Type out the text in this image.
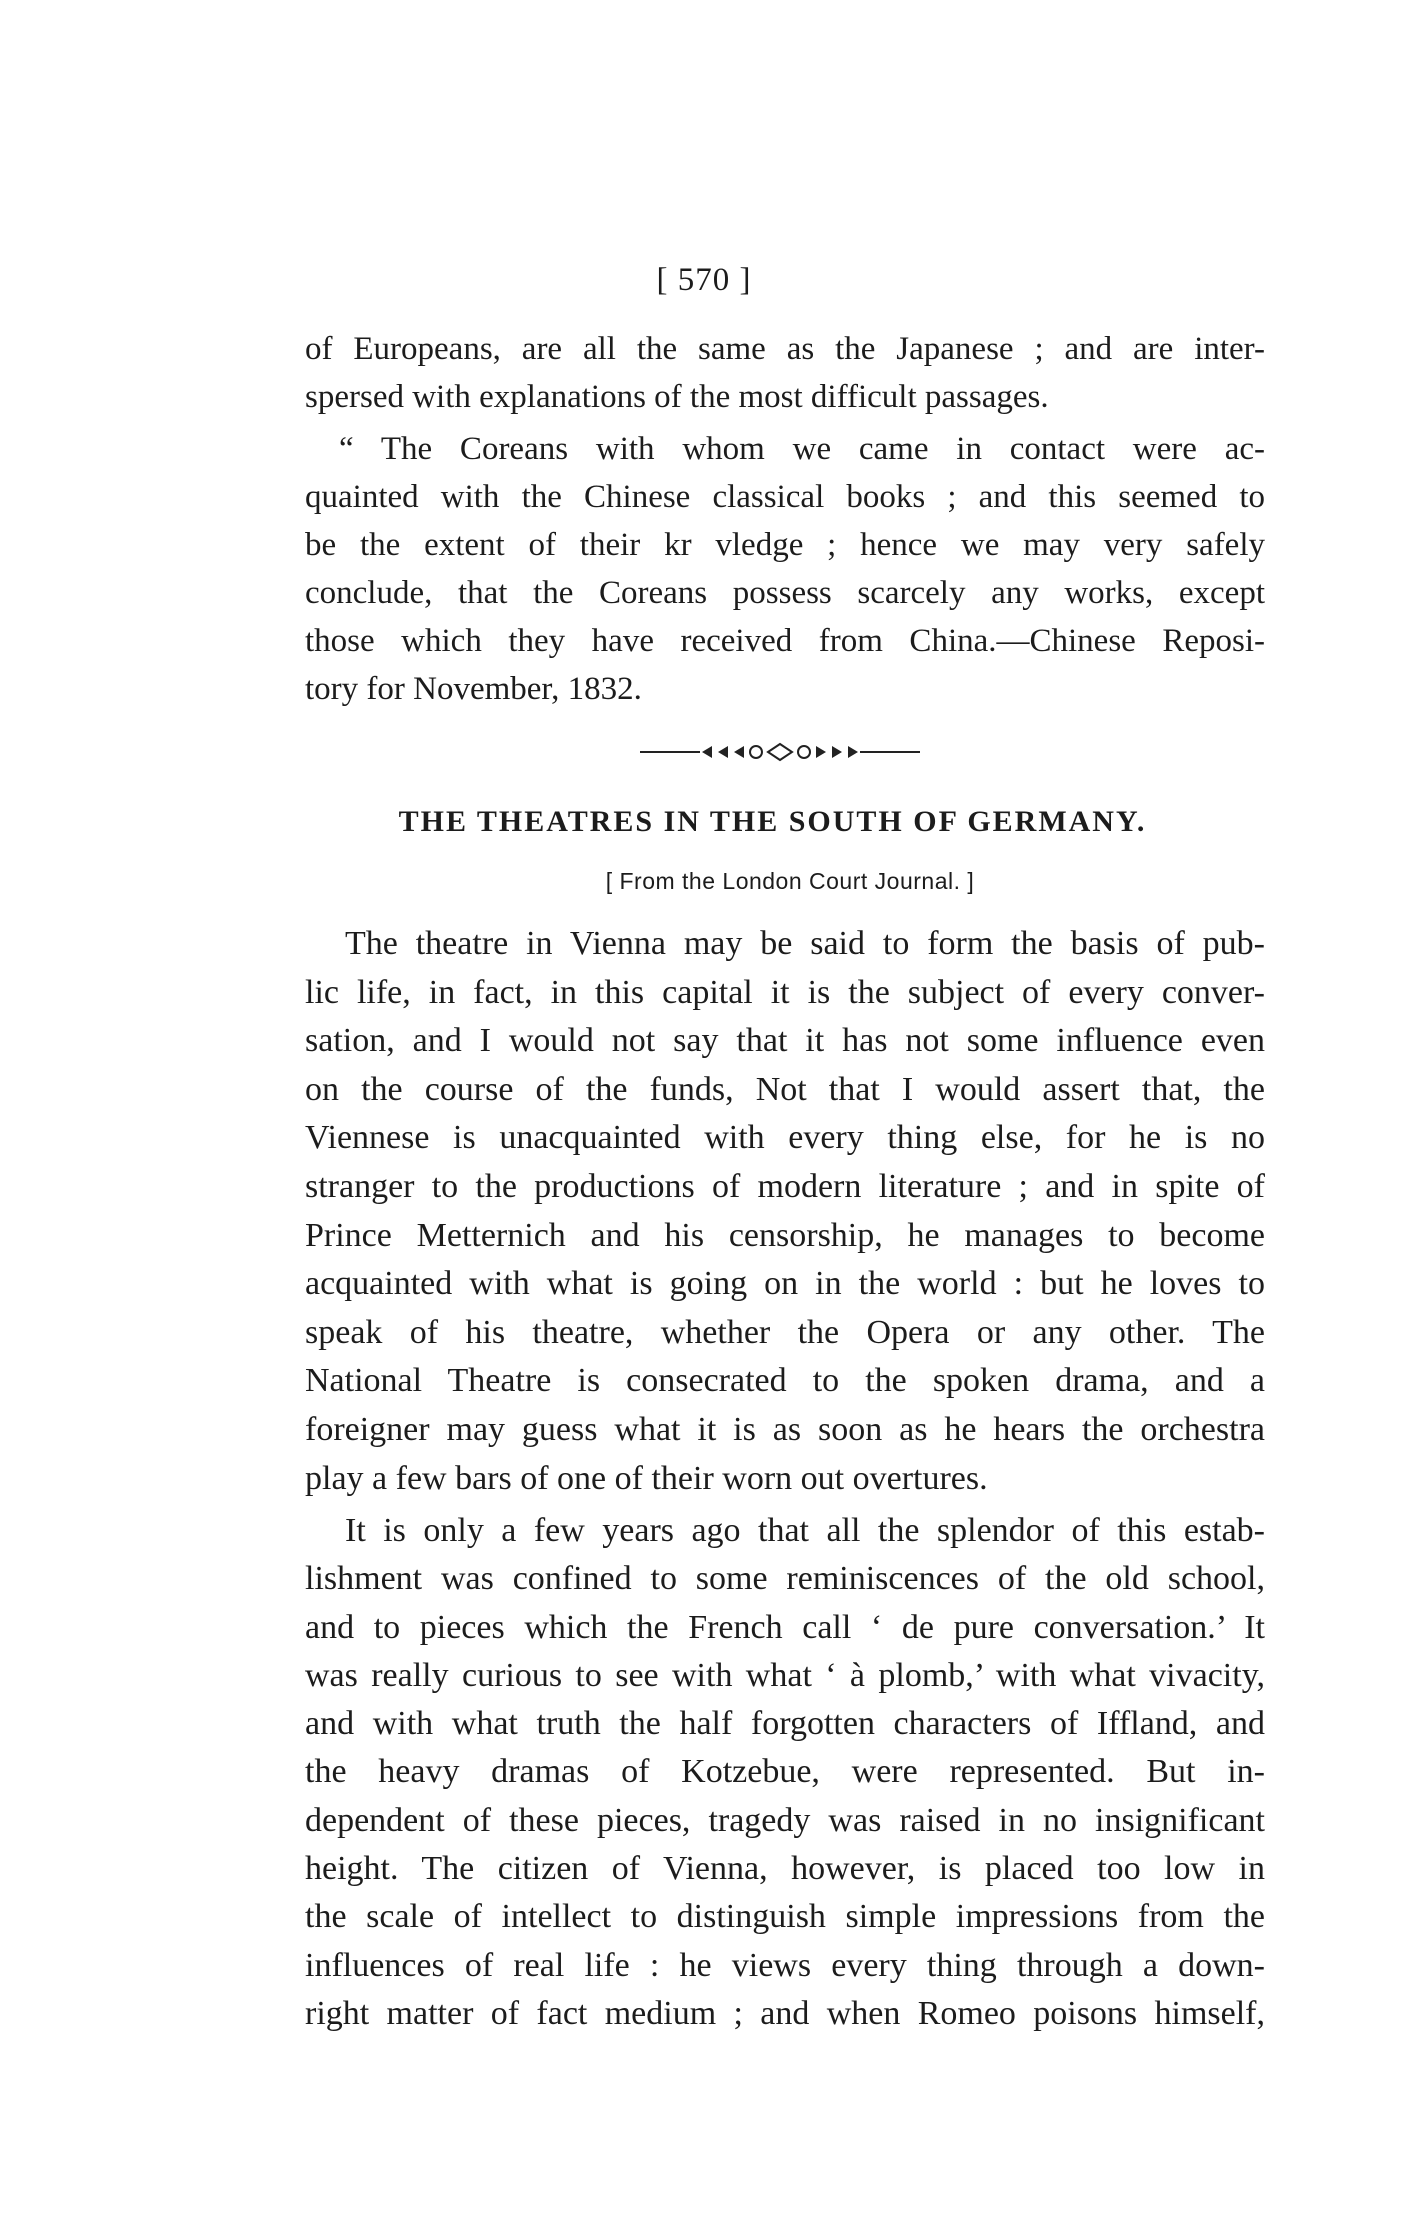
[ 570 ]
of Europeans, are all the same as the Japanese ; and are inter-
spersed with explanations of the most difficult passages.
“ The Coreans with whom we came in contact were ac-
quainted with the Chinese classical books ; and this seemed to
be the extent of their kr vledge ; hence we may very safely
conclude, that the Coreans possess scarcely any works, except
those which they have received from China.—Chinese Reposi-
tory for November, 1832.
THE THEATRES IN THE SOUTH OF GERMANY.
[ From the London Court Journal. ]
The theatre in Vienna may be said to form the basis of pub-
lic life, in fact, in this capital it is the subject of every conver-
sation, and I would not say that it has not some influence even
on the course of the funds, Not that I would assert that, the
Viennese is unacquainted with every thing else, for he is no
stranger to the productions of modern literature ; and in spite of
Prince Metternich and his censorship, he manages to become
acquainted with what is going on in the world : but he loves to
speak of his theatre, whether the Opera or any other. The
National Theatre is consecrated to the spoken drama, and a
foreigner may guess what it is as soon as he hears the orchestra
play a few bars of one of their worn out overtures.
It is only a few years ago that all the splendor of this estab-
lishment was confined to some reminiscences of the old school,
and to pieces which the French call ‘ de pure conversation.’ It
was really curious to see with what ‘ à plomb,’ with what vivacity,
and with what truth the half forgotten characters of Iffland, and
the heavy dramas of Kotzebue, were represented. But in-
dependent of these pieces, tragedy was raised in no insignificant
height. The citizen of Vienna, however, is placed too low in
the scale of intellect to distinguish simple impressions from the
influences of real life : he views every thing through a down-
right matter of fact medium ; and when Romeo poisons himself,
